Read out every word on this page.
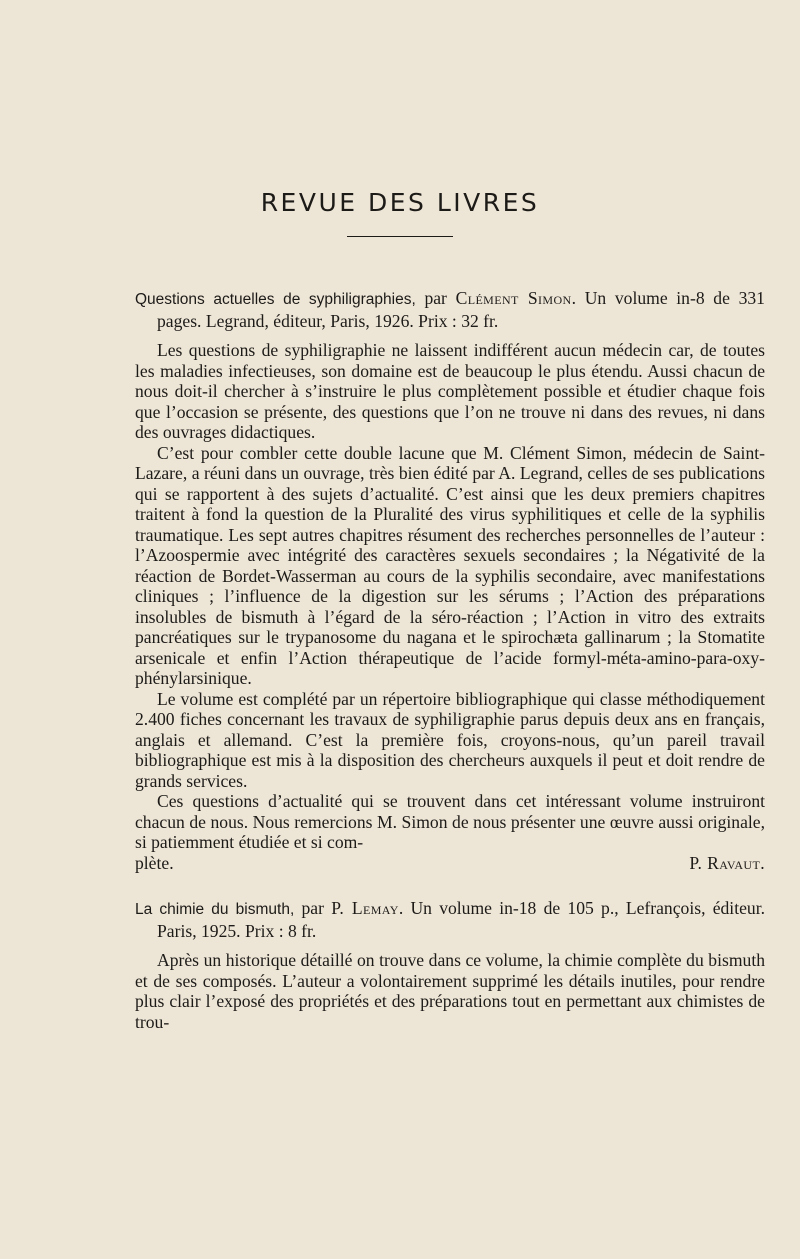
REVUE DES LIVRES

Questions actuelles de syphiligraphies, par Clément Simon. Un volume in-8 de 331 pages. Legrand, éditeur, Paris, 1926. Prix : 32 fr.

Les questions de syphiligraphie ne laissent indifférent aucun médecin car, de toutes les maladies infectieuses, son domaine est de beaucoup le plus étendu. Aussi chacun de nous doit-il chercher à s’instruire le plus complètement possible et étudier chaque fois que l’occasion se présente, des questions que l’on ne trouve ni dans des revues, ni dans des ouvrages didactiques.

C’est pour combler cette double lacune que M. Clément Simon, médecin de Saint-Lazare, a réuni dans un ouvrage, très bien édité par A. Legrand, celles de ses publications qui se rapportent à des sujets d’actualité. C’est ainsi que les deux premiers chapitres traitent à fond la question de la Pluralité des virus syphilitiques et celle de la syphilis traumatique. Les sept autres chapitres résument des recherches personnelles de l’auteur : l’Azoospermie avec intégrité des caractères sexuels secondaires ; la Négativité de la réaction de Bordet-Wasserman au cours de la syphilis secondaire, avec manifestations cliniques ; l’influence de la digestion sur les sérums ; l’Action des préparations insolubles de bismuth à l’égard de la séro-réaction ; l’Action in vitro des extraits pancréatiques sur le trypanosome du nagana et le spirochæta gallinarum ; la Stomatite arsenicale et enfin l’Action thérapeutique de l’acide formyl-méta-amino-para-oxy-phénylarsinique.

Le volume est complété par un répertoire bibliographique qui classe méthodiquement 2.400 fiches concernant les travaux de syphiligraphie parus depuis deux ans en français, anglais et allemand. C’est la première fois, croyons-nous, qu’un pareil travail bibliographique est mis à la disposition des chercheurs auxquels il peut et doit rendre de grands services.

Ces questions d’actualité qui se trouvent dans cet intéressant volume instruiront chacun de nous. Nous remercions M. Simon de nous présenter une œuvre aussi originale, si patiemment étudiée et si com-

plète.	P. Ravaut.

La chimie du bismuth, par P. Lemay. Un volume in-18 de 105 p., Lefrançois, éditeur. Paris, 1925. Prix : 8 fr.

Après un historique détaillé on trouve dans ce volume, la chimie complète du bismuth et de ses composés. L’auteur a volontairement supprimé les détails inutiles, pour rendre plus clair l’exposé des propriétés et des préparations tout en permettant aux chimistes de trou-
